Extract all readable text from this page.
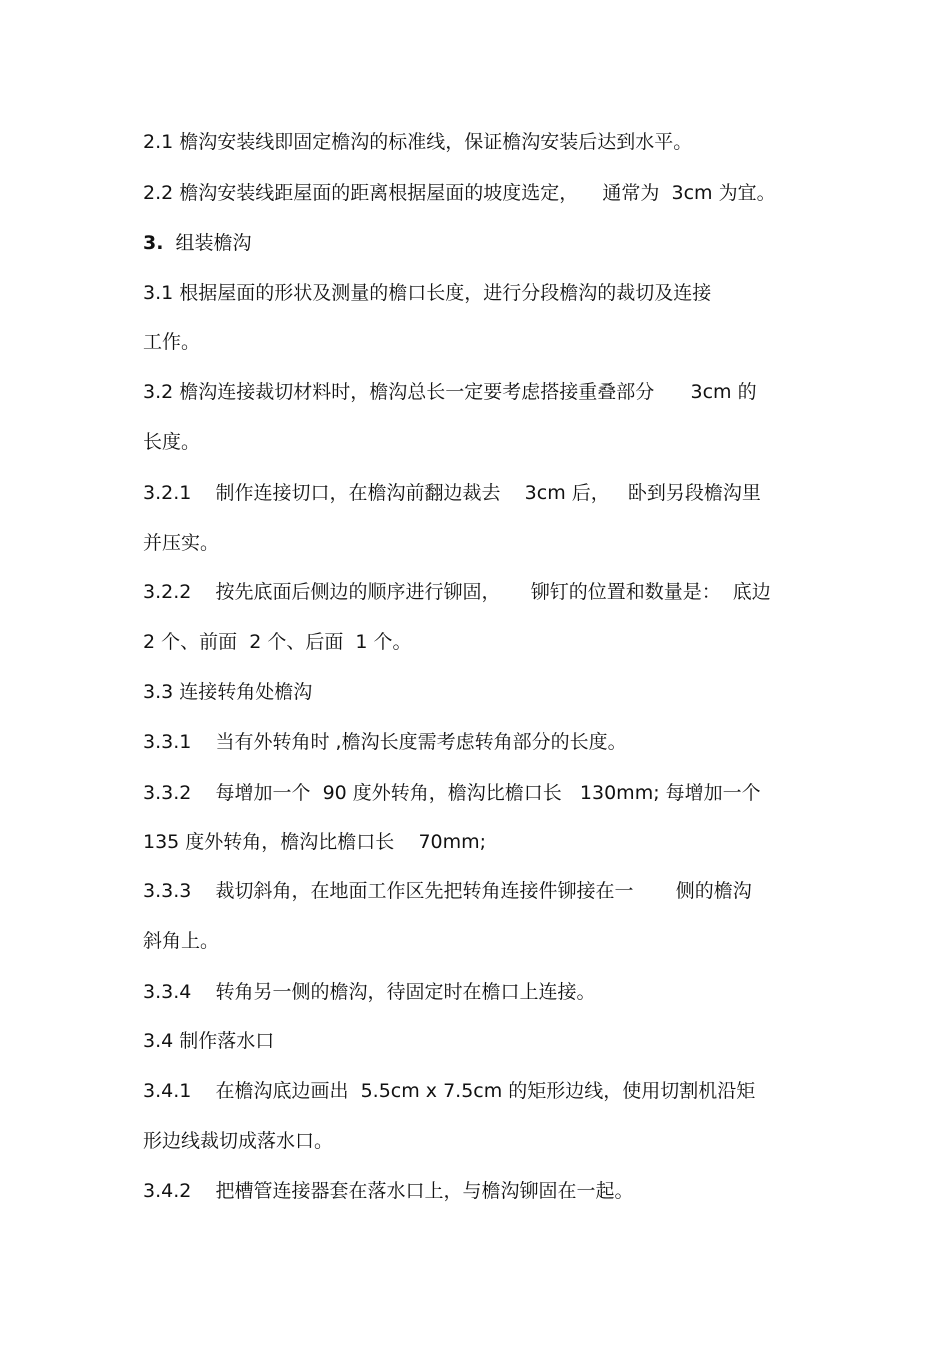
2.1 檐沟安装线即固定檐沟的标准线，保证檐沟安装后达到水平。
2.2 檐沟安装线距屋面的距离根据屋面的坡度选定，    通常为  3cm 为宜。
3. 组装檐沟
3.1 根据屋面的形状及测量的檐口长度，进行分段檐沟的裁切及连接
工作。
3.2 檐沟连接裁切材料时，檐沟总长一定要考虑搭接重叠部分      3cm 的
长度。
3.2.1    制作连接切口，在檐沟前翻边裁去    3cm 后，   卧到另段檐沟里
并压实。
3.2.2    按先底面后侧边的顺序进行铆固，     铆钉的位置和数量是：  底边
2 个、前面  2 个、后面  1 个。
3.3 连接转角处檐沟
3.3.1    当有外转角时 ,檐沟长度需考虑转角部分的长度。
3.3.2    每增加一个  90 度外转角，檐沟比檐口长   130mm; 每增加一个
135 度外转角，檐沟比檐口长    70mm;
3.3.3    裁切斜角，在地面工作区先把转角连接件铆接在一       侧的檐沟
斜角上。
3.3.4    转角另一侧的檐沟，待固定时在檐口上连接。
3.4 制作落水口
3.4.1    在檐沟底边画出  5.5cm x 7.5cm 的矩形边线，使用切割机沿矩
形边线裁切成落水口。
3.4.2    把槽管连接器套在落水口上，与檐沟铆固在一起。
